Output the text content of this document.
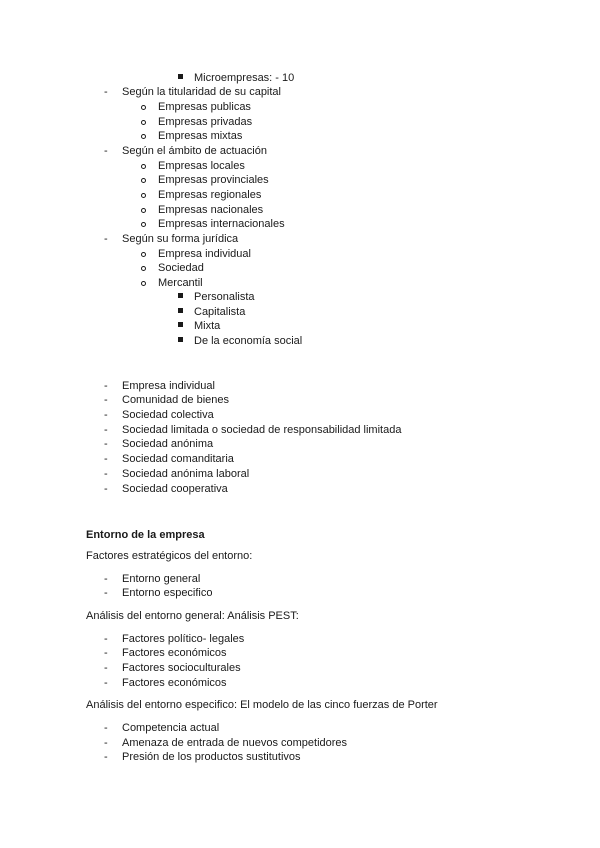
Microempresas: - 10
- Según la titularidad de su capital
Empresas publicas
Empresas privadas
Empresas mixtas
- Según el ámbito de actuación
Empresas locales
Empresas provinciales
Empresas regionales
Empresas nacionales
Empresas internacionales
- Según su forma jurídica
Empresa individual
Sociedad
Mercantil
Personalista
Capitalista
Mixta
De la economía social
- Empresa individual
- Comunidad de bienes
- Sociedad colectiva
- Sociedad limitada o sociedad de responsabilidad limitada
- Sociedad anónima
- Sociedad comanditaria
- Sociedad anónima laboral
- Sociedad cooperativa
Entorno de la empresa
Factores estratégicos del entorno:
- Entorno general
- Entorno especifico
Análisis del entorno general: Análisis PEST:
- Factores político- legales
- Factores económicos
- Factores socioculturales
- Factores económicos
Análisis del entorno especifico: El modelo de las cinco fuerzas de Porter
- Competencia actual
- Amenaza de entrada de nuevos competidores
- Presión de los productos sustitutivos
